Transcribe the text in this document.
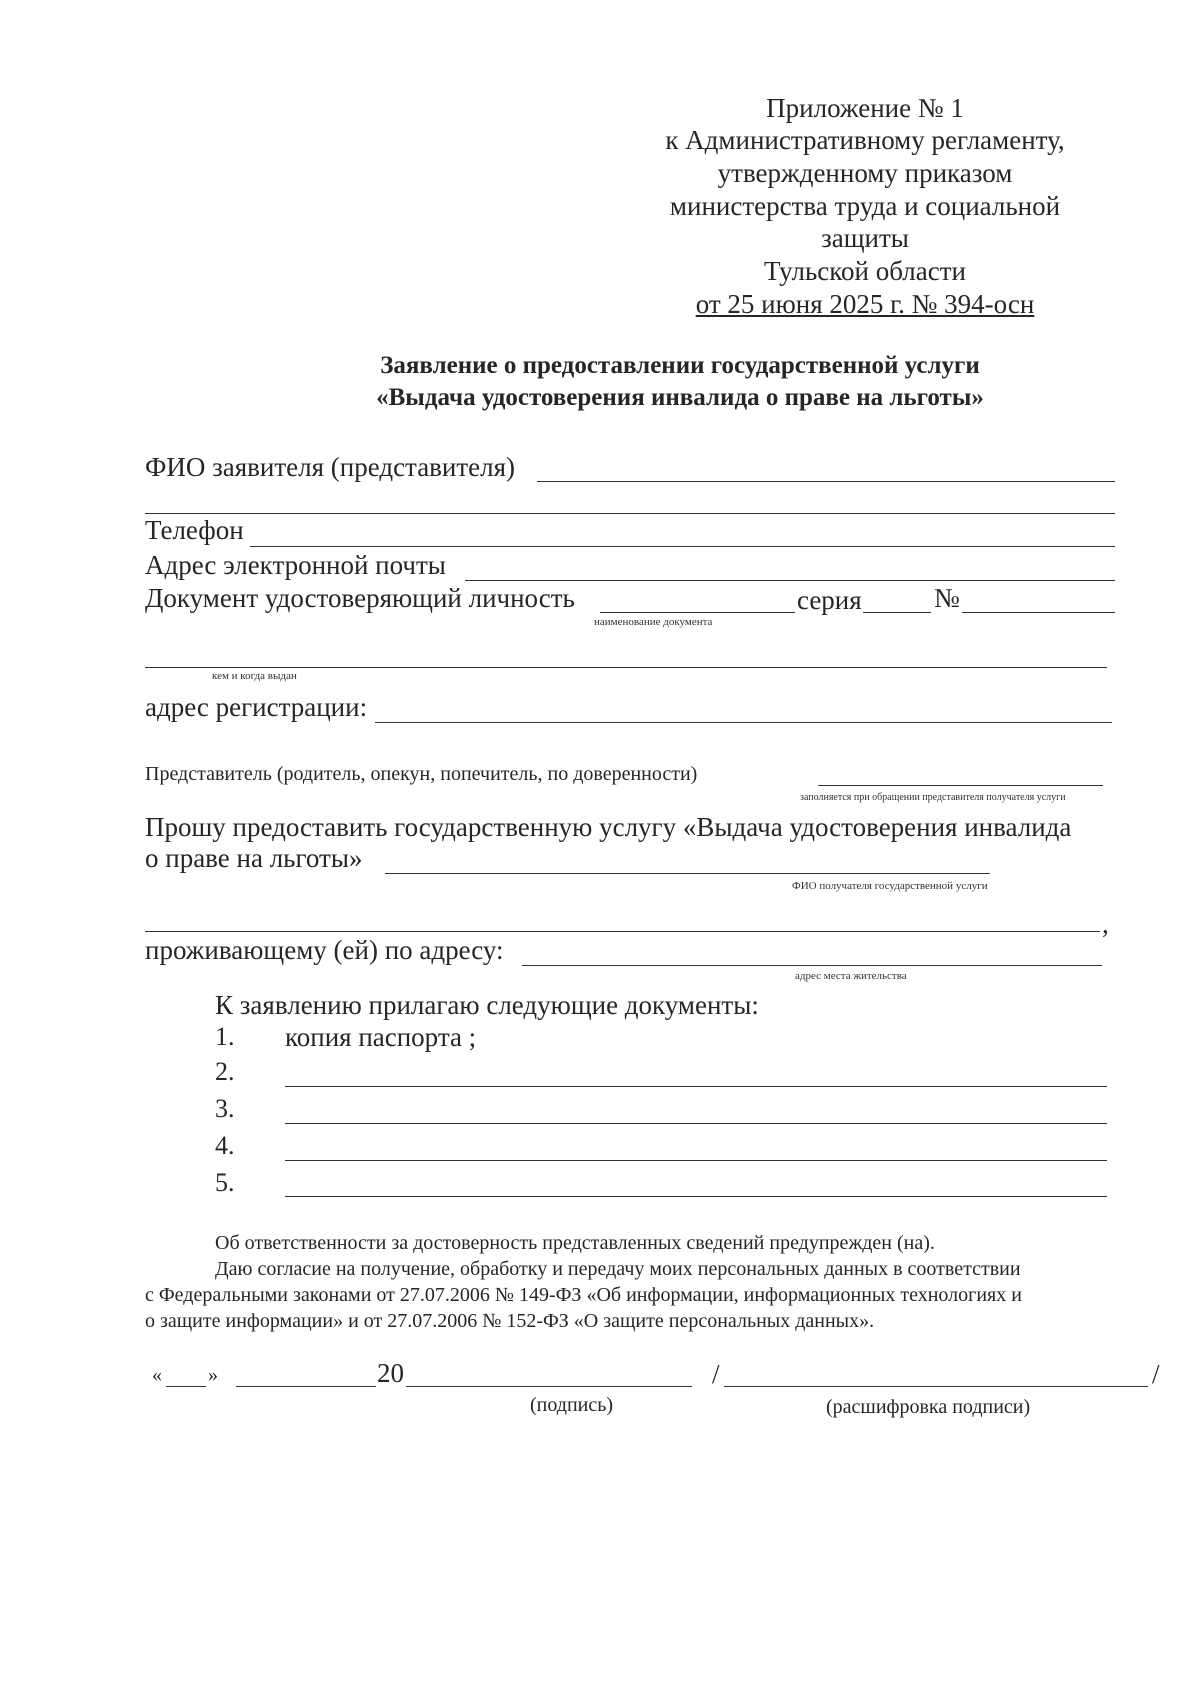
Приложение № 1
к Административному регламенту,
утвержденному приказом
министерства труда и социальной
защиты
Тульской области
от 25 июня 2025 г. № 394-осн
Заявление о предоставлении государственной услуги
«Выдача удостоверения инвалида о праве на льготы»
ФИО заявителя (представителя)
Телефон
Адрес электронной почты
Документ удостоверяющий личность	серия	№
наименование документа
кем и когда выдан
адрес регистрации:
Представитель (родитель, опекун, попечитель, по доверенности)
заполняется при обращении представителя получателя услуги
Прошу предоставить государственную услугу «Выдача удостоверения инвалида
о праве на льготы»
ФИО получателя государственной услуги
,
проживающему (ей) по адресу:
адрес места жительства
К заявлению прилагаю следующие документы:
1. копия паспорта ;
2.
3.
4.
5.
Об ответственности за достоверность представленных сведений предупрежден (на).
Даю согласие на получение, обработку и передачу моих персональных данных в соответствии
с Федеральными законами от 27.07.2006 № 149-ФЗ «Об информации, информационных технологиях и
о защите информации» и от 27.07.2006 № 152-ФЗ «О защите персональных данных».
« »	20	/	/
(подпись)	(расшифровка подписи)
